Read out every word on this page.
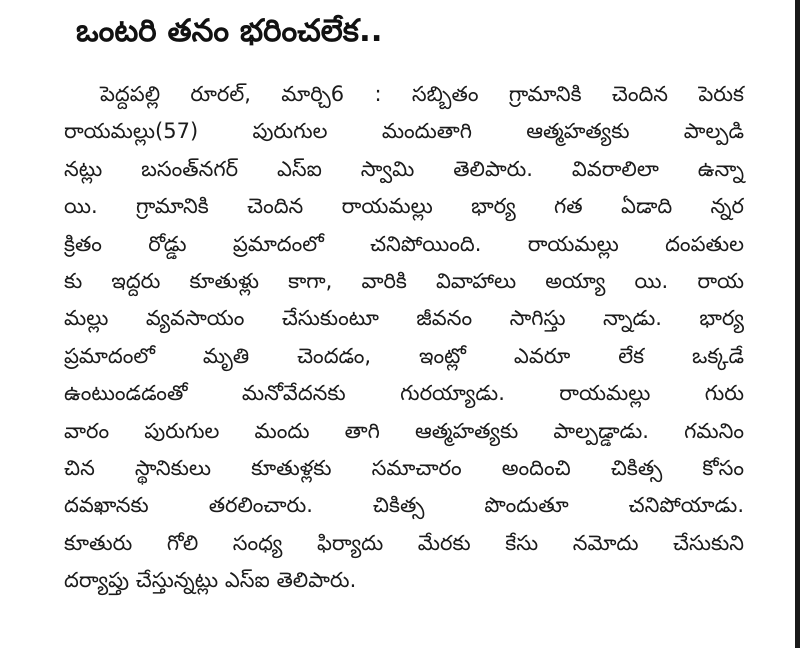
ఒంటరి తనం భరించలేక..
పెద్దపల్లి రూరల్‌, మార్చి6 : సబ్బితం గ్రామానికి చెందిన పెరుక
రాయమల్లు(57) పురుగుల మందుతాగి ఆత్మహత్యకు పాల్పడి
నట్లు బసంత్‌నగర్‌ ఎస్‌ఐ స్వామి తెలిపారు. వివరాలిలా ఉన్నా
యి. గ్రామానికి చెందిన రాయమల్లు భార్య గత ఏడాది న్నర
క్రితం రోడ్డు ప్రమాదంలో చనిపోయింది. రాయమల్లు దంపతుల
కు ఇద్దరు కూతుళ్లు కాగా, వారికి వివాహాలు అయ్యా యి. రాయ
మల్లు వ్యవసాయం చేసుకుంటూ జీవనం సాగిస్తు న్నాడు. భార్య
ప్రమాదంలో మృతి చెందడం, ఇంట్లో ఎవరూ లేక ఒక్కడే
ఉంటుండడంతో మనోవేదనకు గురయ్యాడు. రాయమల్లు గురు
వారం పురుగుల మందు తాగి ఆత్మహత్యకు పాల్పడ్డాడు. గమనిం
చిన స్థానికులు కూతుళ్లకు సమాచారం అందించి చికిత్స కోసం
దవఖానకు తరలించారు. చికిత్స పొందుతూ చనిపోయాడు.
కూతురు గోలి సంధ్య ఫిర్యాదు మేరకు కేసు నమోదు చేసుకుని
దర్యాప్తు చేస్తున్నట్లు ఎస్‌ఐ తెలిపారు.
